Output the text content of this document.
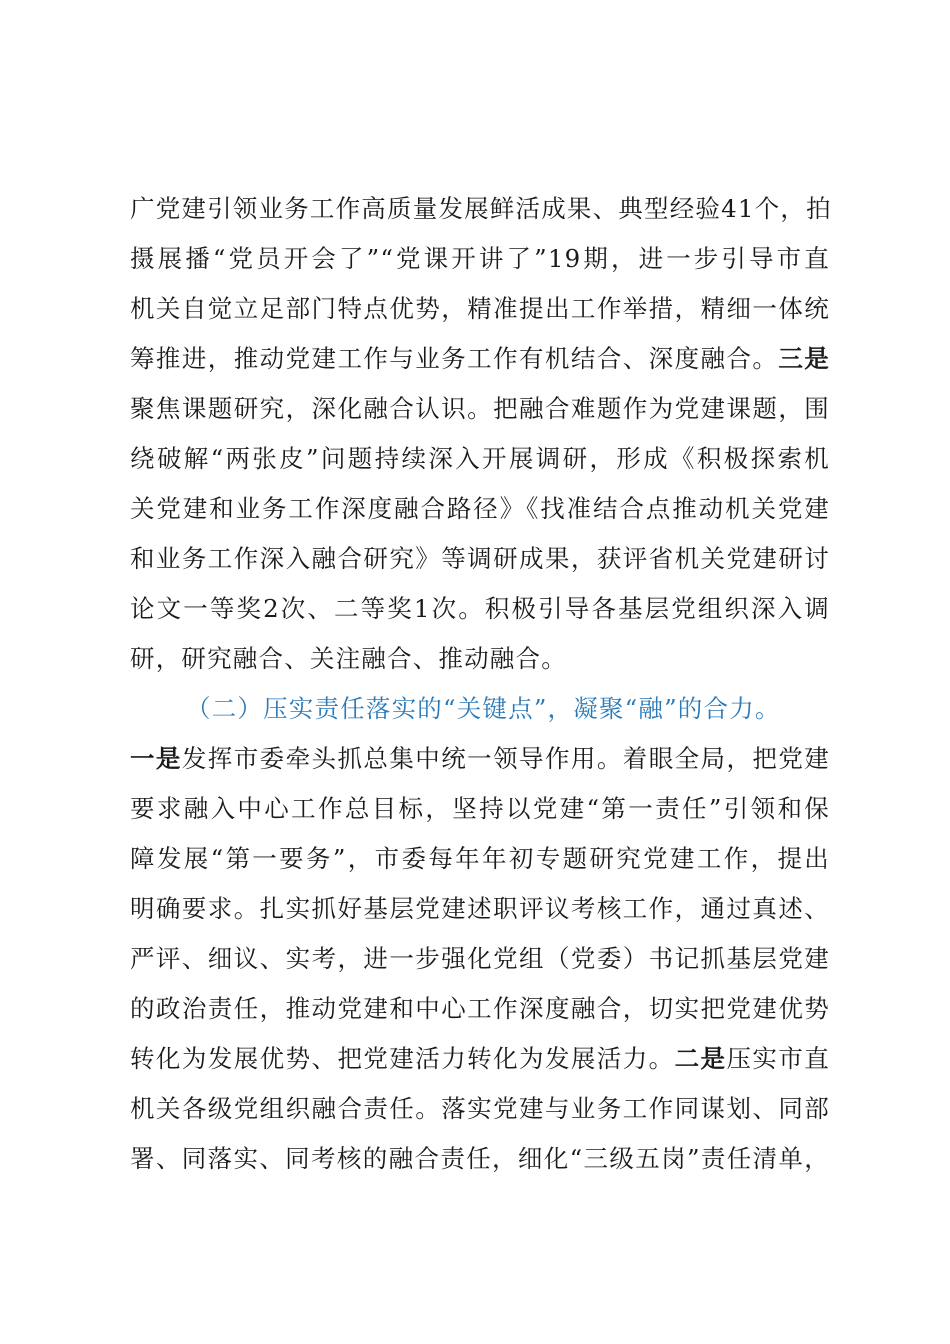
广党建引领业务工作高质量发展鲜活成果、典型经验41个，拍
摄展播“党员开会了”“党课开讲了”19期，进一步引导市直
机关自觉立足部门特点优势，精准提出工作举措，精细一体统
筹推进，推动党建工作与业务工作有机结合、深度融合。三是
聚焦课题研究，深化融合认识。把融合难题作为党建课题，围
绕破解“两张皮”问题持续深入开展调研，形成《积极探索机
关党建和业务工作深度融合路径》《找准结合点推动机关党建
和业务工作深入融合研究》等调研成果，获评省机关党建研讨
论文一等奖2次、二等奖1次。积极引导各基层党组织深入调
研，研究融合、关注融合、推动融合。
（二）压实责任落实的“关键点”，凝聚“融”的合力。
一是发挥市委牵头抓总集中统一领导作用。着眼全局，把党建
要求融入中心工作总目标，坚持以党建“第一责任”引领和保
障发展“第一要务”，市委每年年初专题研究党建工作，提出
明确要求。扎实抓好基层党建述职评议考核工作，通过真述、
严评、细议、实考，进一步强化党组（党委）书记抓基层党建
的政治责任，推动党建和中心工作深度融合，切实把党建优势
转化为发展优势、把党建活力转化为发展活力。二是压实市直
机关各级党组织融合责任。落实党建与业务工作同谋划、同部
署、同落实、同考核的融合责任，细化“三级五岗”责任清单，
